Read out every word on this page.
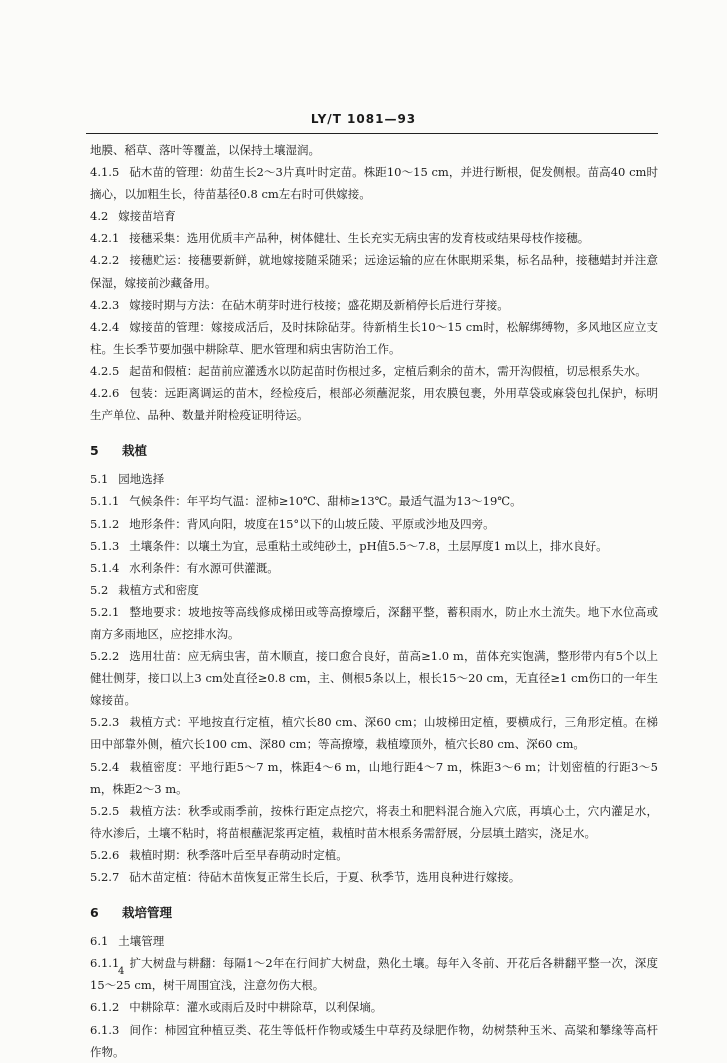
LY/T 1081—93
地膜、稻草、落叶等覆盖，以保持土壤湿润。
4.1.5 砧木苗的管理：幼苗生长2～3片真叶时定苗。株距10～15 cm，并进行断根，促发侧根。苗高40 cm时摘心，以加粗生长，待苗基径0.8 cm左右时可供嫁接。
4.2 嫁接苗培育
4.2.1 接穗采集：选用优质丰产品种，树体健壮、生长充实无病虫害的发育枝或结果母枝作接穗。
4.2.2 接穗贮运：接穗要新鲜，就地嫁接随采随采；远途运输的应在休眠期采集，标名品种，接穗蜡封并注意保湿，嫁接前沙藏备用。
4.2.3 嫁接时期与方法：在砧木萌芽时进行枝接；盛花期及新梢停长后进行芽接。
4.2.4 嫁接苗的管理：嫁接成活后，及时抹除砧芽。待新梢生长10～15 cm时，松解绑缚物，多风地区应立支柱。生长季节要加强中耕除草、肥水管理和病虫害防治工作。
4.2.5 起苗和假植：起苗前应灌透水以防起苗时伤根过多，定植后剩余的苗木，需开沟假植，切忌根系失水。
4.2.6 包装：远距离调运的苗木，经检疫后，根部必须蘸泥浆，用农膜包裹，外用草袋或麻袋包扎保护，标明生产单位、品种、数量并附检疫证明待运。
5 栽植
5.1 园地选择
5.1.1 气候条件：年平均气温：涩柿≥10℃、甜柿≥13℃。最适气温为13～19℃。
5.1.2 地形条件：背风向阳，坡度在15°以下的山坡丘陵、平原或沙地及四旁。
5.1.3 土壤条件：以壤土为宜，忌重粘土或纯砂土，pH值5.5～7.8，土层厚度1 m以上，排水良好。
5.1.4 水利条件：有水源可供灌溉。
5.2 栽植方式和密度
5.2.1 整地要求：坡地按等高线修成梯田或等高撩壕后，深翻平整，蓄积雨水，防止水土流失。地下水位高或南方多雨地区，应挖排水沟。
5.2.2 选用壮苗：应无病虫害，苗木顺直，接口愈合良好，苗高≥1.0 m，苗体充实饱满，整形带内有5个以上健壮侧芽，接口以上3 cm处直径≥0.8 cm，主、侧根5条以上，根长15～20 cm，无直径≥1 cm伤口的一年生嫁接苗。
5.2.3 栽植方式：平地按直行定植，植穴长80 cm、深60 cm；山坡梯田定植，要横成行，三角形定植。在梯田中部靠外侧，植穴长100 cm、深80 cm；等高撩壕，栽植壕顶外，植穴长80 cm、深60 cm。
5.2.4 栽植密度：平地行距5～7 m，株距4～6 m，山地行距4～7 m，株距3～6 m；计划密植的行距3～5 m，株距2～3 m。
5.2.5 栽植方法：秋季或雨季前，按株行距定点挖穴，将表土和肥料混合施入穴底，再填心土，穴内灌足水，待水渗后，土壤不粘时，将苗根蘸泥浆再定植，栽植时苗木根系务需舒展，分层填土踏实，浇足水。
5.2.6 栽植时期：秋季落叶后至早春萌动时定植。
5.2.7 砧木苗定植：待砧木苗恢复正常生长后，于夏、秋季节，选用良种进行嫁接。
6 栽培管理
6.1 土壤管理
6.1.1 扩大树盘与耕翻：每隔1～2年在行间扩大树盘，熟化土壤。每年入冬前、开花后各耕翻平整一次，深度15～25 cm，树干周围宜浅，注意勿伤大根。
6.1.2 中耕除草：灌水或雨后及时中耕除草，以利保墒。
6.1.3 间作：柿园宜种植豆类、花生等低杆作物或矮生中草药及绿肥作物，幼树禁种玉米、高粱和攀缘等高杆作物。
4
